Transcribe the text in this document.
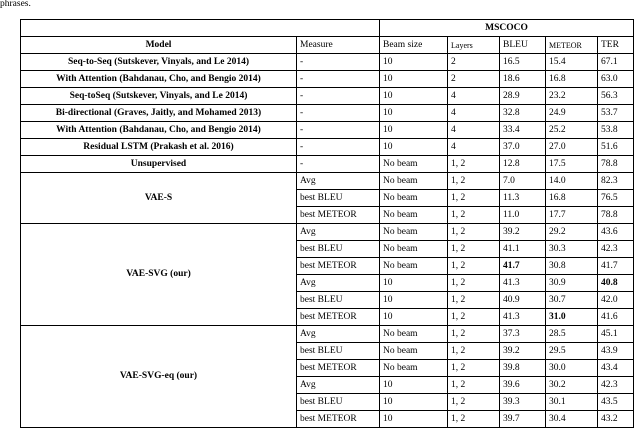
phrases.
		MSCOCO				
Model	Measure	Beam size	Layers	BLEU	METEOR	TER
Seq-to-Seq (Sutskever, Vinyals, and Le 2014)	-	10	2	16.5	15.4	67.1
With Attention (Bahdanau, Cho, and Bengio 2014)	-	10	2	18.6	16.8	63.0
Seq-toSeq (Sutskever, Vinyals, and Le 2014)	-	10	4	28.9	23.2	56.3
Bi-directional (Graves, Jaitly, and Mohamed 2013)	-	10	4	32.8	24.9	53.7
With Attention (Bahdanau, Cho, and Bengio 2014)	-	10	4	33.4	25.2	53.8
Residual LSTM (Prakash et al. 2016)	-	10	4	37.0	27.0	51.6
Unsupervised	-	No beam	1, 2	12.8	17.5	78.8
VAE-S	Avg	No beam	1, 2	7.0	14.0	82.3
	best BLEU	No beam	1, 2	11.3	16.8	76.5
	best METEOR	No beam	1, 2	11.0	17.7	78.8
VAE-SVG (our)	Avg	No beam	1, 2	39.2	29.2	43.6
	best BLEU	No beam	1, 2	41.1	30.3	42.3
	best METEOR	No beam	1, 2	41.7	30.8	41.7
	Avg	10	1, 2	41.3	30.9	40.8
	best BLEU	10	1, 2	40.9	30.7	42.0
	best METEOR	10	1, 2	41.3	31.0	41.6
VAE-SVG-eq (our)	Avg	No beam	1, 2	37.3	28.5	45.1
	best BLEU	No beam	1, 2	39.2	29.5	43.9
	best METEOR	No beam	1, 2	39.8	30.0	43.4
	Avg	10	1, 2	39.6	30.2	42.3
	best BLEU	10	1, 2	39.3	30.1	43.5
	best METEOR	10	1, 2	39.7	30.4	43.2
